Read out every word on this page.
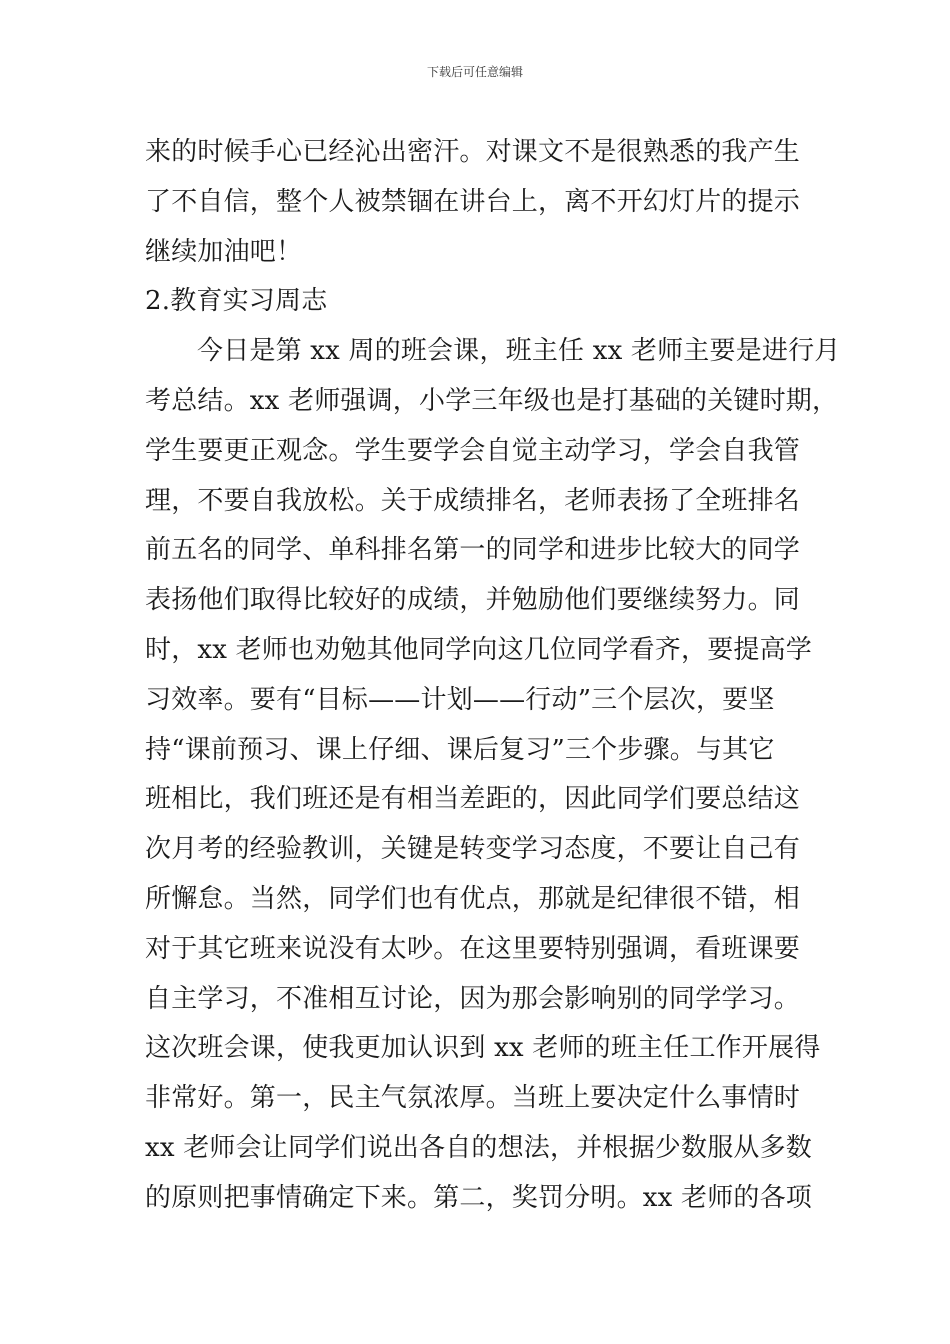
下载后可任意编辑
来的时候手心已经沁出密汗。对课文不是很熟悉的我产生
了不自信，整个人被禁锢在讲台上，离不开幻灯片的提示
继续加油吧！
2.教育实习周志
今日是第 xx 周的班会课，班主任 xx 老师主要是进行月
考总结。xx 老师强调，小学三年级也是打基础的关键时期，
学生要更正观念。学生要学会自觉主动学习，学会自我管
理，不要自我放松。关于成绩排名，老师表扬了全班排名
前五名的同学、单科排名第一的同学和进步比较大的同学
表扬他们取得比较好的成绩，并勉励他们要继续努力。同
时，xx 老师也劝勉其他同学向这几位同学看齐，要提高学
习效率。要有“目标——计划——行动”三个层次，要坚
持“课前预习、课上仔细、课后复习”三个步骤。与其它
班相比，我们班还是有相当差距的，因此同学们要总结这
次月考的经验教训，关键是转变学习态度，不要让自己有
所懈怠。当然，同学们也有优点，那就是纪律很不错，相
对于其它班来说没有太吵。在这里要特别强调，看班课要
自主学习，不准相互讨论，因为那会影响别的同学学习。
这次班会课，使我更加认识到 xx 老师的班主任工作开展得
非常好。第一，民主气氛浓厚。当班上要决定什么事情时
xx 老师会让同学们说出各自的想法，并根据少数服从多数
的原则把事情确定下来。第二，奖罚分明。xx 老师的各项
